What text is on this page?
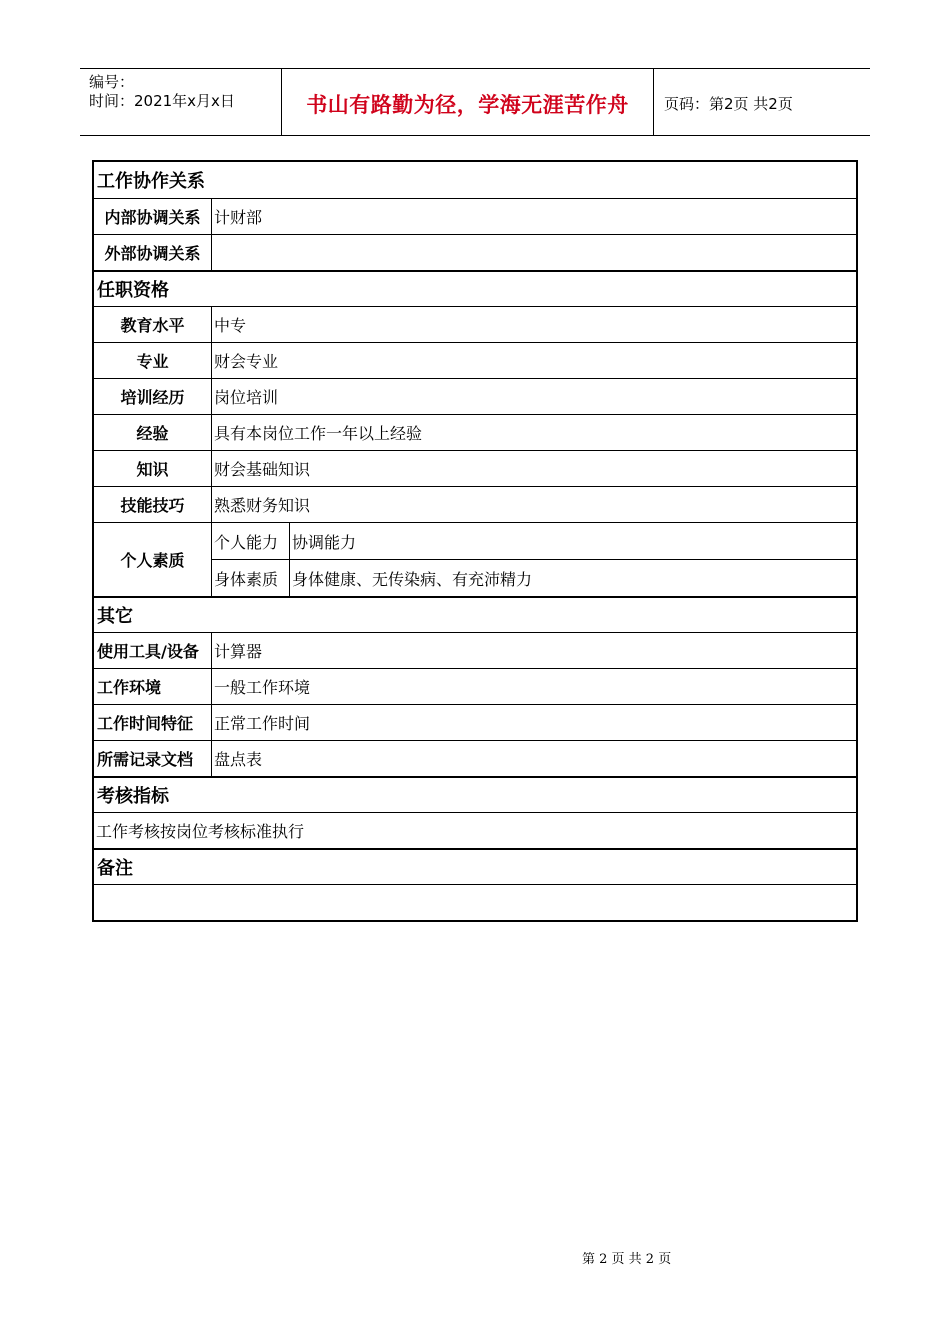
编号：
时间：2021年x月x日	书山有路勤为径，学海无涯苦作舟	页码：第2页 共2页
工作协作关系
内部协调关系 计财部
外部协调关系
任职资格
教育水平	中专
专业	财会专业
培训经历	岗位培训
经验	具有本岗位工作一年以上经验
知识	财会基础知识
技能技巧	熟悉财务知识
个人素质
个人能力 协调能力
身体素质 身体健康、无传染病、有充沛精力
其它
使用工具/设备 计算器
工作环境	一般工作环境
工作时间特征	正常工作时间
所需记录文档	盘点表
考核指标
工作考核按岗位考核标准执行
备注
第 2 页 共 2 页
